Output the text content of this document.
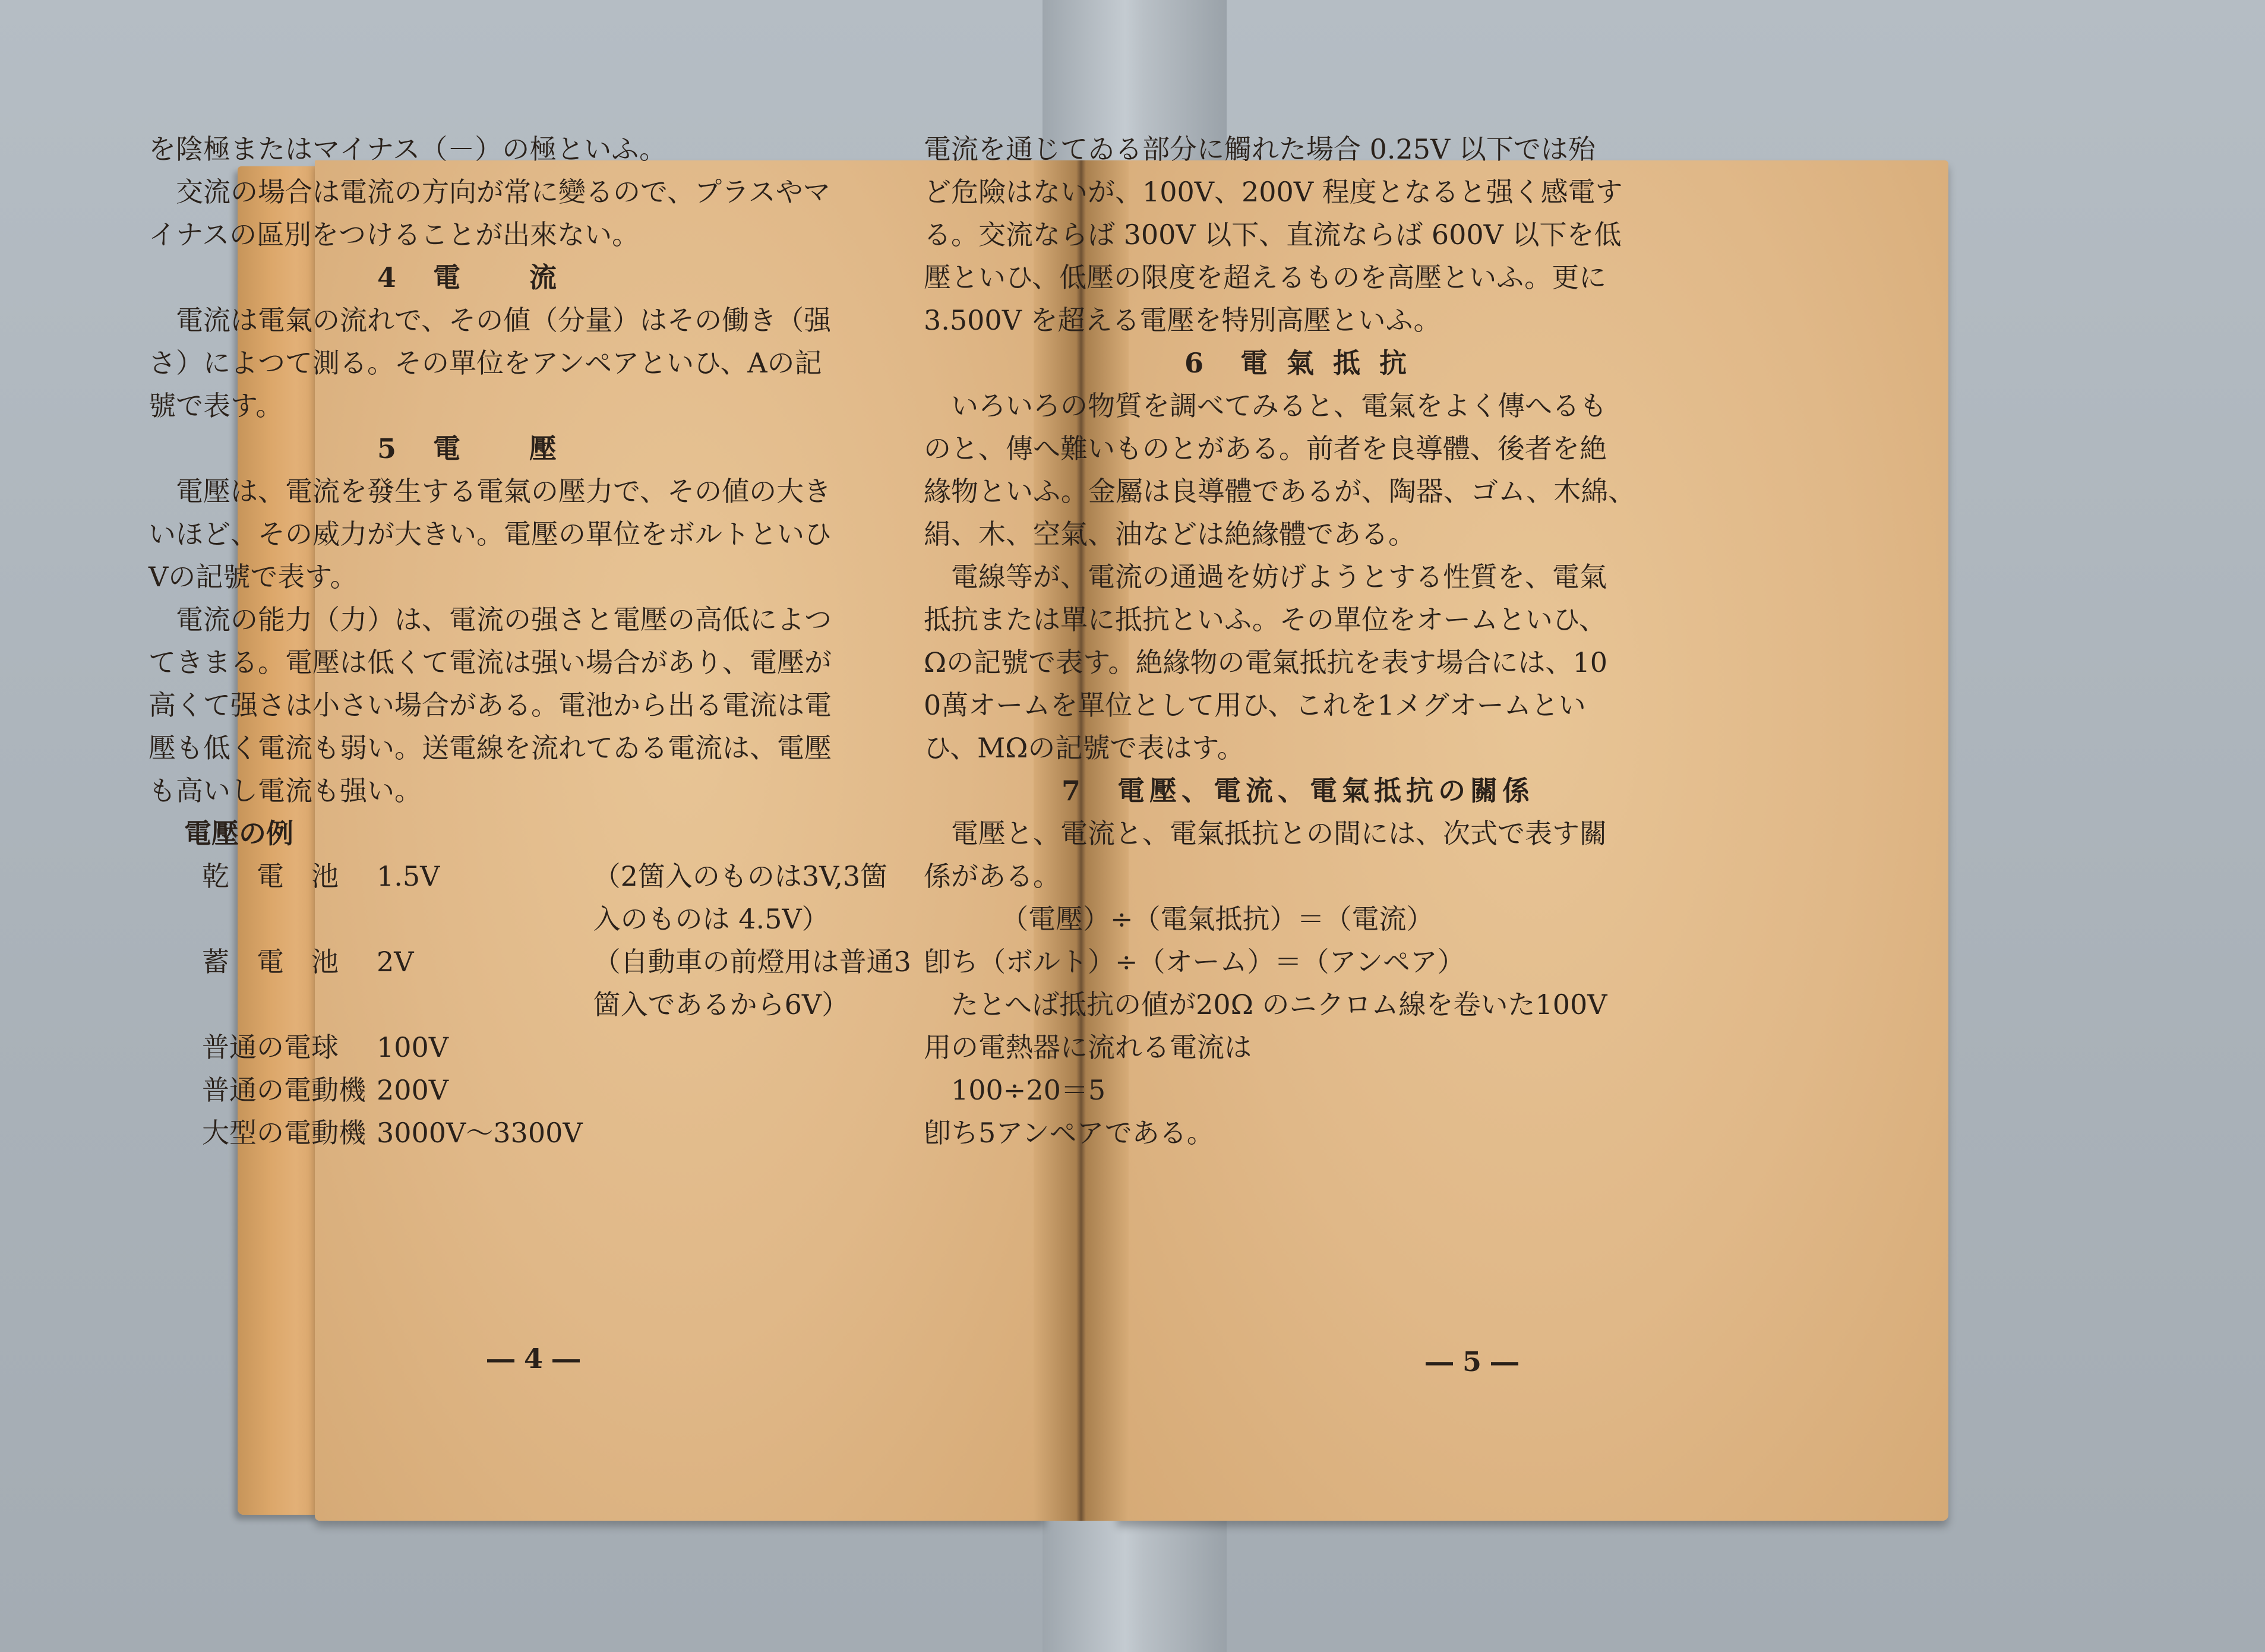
を陰極またはマイナス（－）の極といふ。

　交流の場合は電流の方向が常に變るので、プラスやマ

イナスの區別をつけることが出來ない。

4　電　　流

　電流は電氣の流れで、その値（分量）はその働き（强

さ）によつて測る。その單位をアンペアといひ、Aの記

號で表す。

5　電　　壓

　電壓は、電流を發生する電氣の壓力で、その値の大き

いほど、その威力が大きい。電壓の單位をボルトといひ

Vの記號で表す。

　電流の能力（力）は、電流の强さと電壓の高低によつ

てきまる。電壓は低くて電流は强い場合があり、電壓が

高くて强さは小さい場合がある。電池から出る電流は電

壓も低く電流も弱い。送電線を流れてゐる電流は、電壓

も高いし電流も强い。

電壓の例

乾　電　池	1.5V	（2箇入のものは3V,3箇
		入のものは 4.5V）
蓄　電　池	2V	（自動車の前燈用は普通3
		箇入であるから6V）
普通の電球	100V	
普通の電動機	200V	
大型の電動機	3000V～3300V	
― 4 ―

電流を通じてゐる部分に觸れた場合 0.25V 以下では殆

ど危險はないが、100V、200V 程度となると强く感電す

る。交流ならば 300V 以下、直流ならば 600V 以下を低

壓といひ、低壓の限度を超えるものを高壓といふ。更に

3.500V を超える電壓を特別高壓といふ。

6　電 氣 抵 抗

　いろいろの物質を調べてみると、電氣をよく傳へるも

のと、傳へ難いものとがある。前者を良導體、後者を絶

緣物といふ。金屬は良導體であるが、陶器、ゴム、木綿、

絹、木、空氣、油などは絶緣體である。

　電線等が、電流の通過を妨げようとする性質を、電氣

抵抗または單に抵抗といふ。その單位をオームといひ、

Ωの記號で表す。絶緣物の電氣抵抗を表す場合には、10

0萬オームを單位として用ひ、これを1メグオームとい

ひ、MΩの記號で表はす。

7　電壓、電流、電氣抵抗の關係

　電壓と、電流と、電氣抵抗との間には、次式で表す關

係がある。

（電壓）÷（電氣抵抗）＝（電流）

卽ち（ボルト）÷（オーム）＝（アンペア）

　たとへば抵抗の値が20Ω のニクロム線を卷いた100V

用の電熱器に流れる電流は

　100÷20＝5

卽ち5アンペアである。

― 5 ―
